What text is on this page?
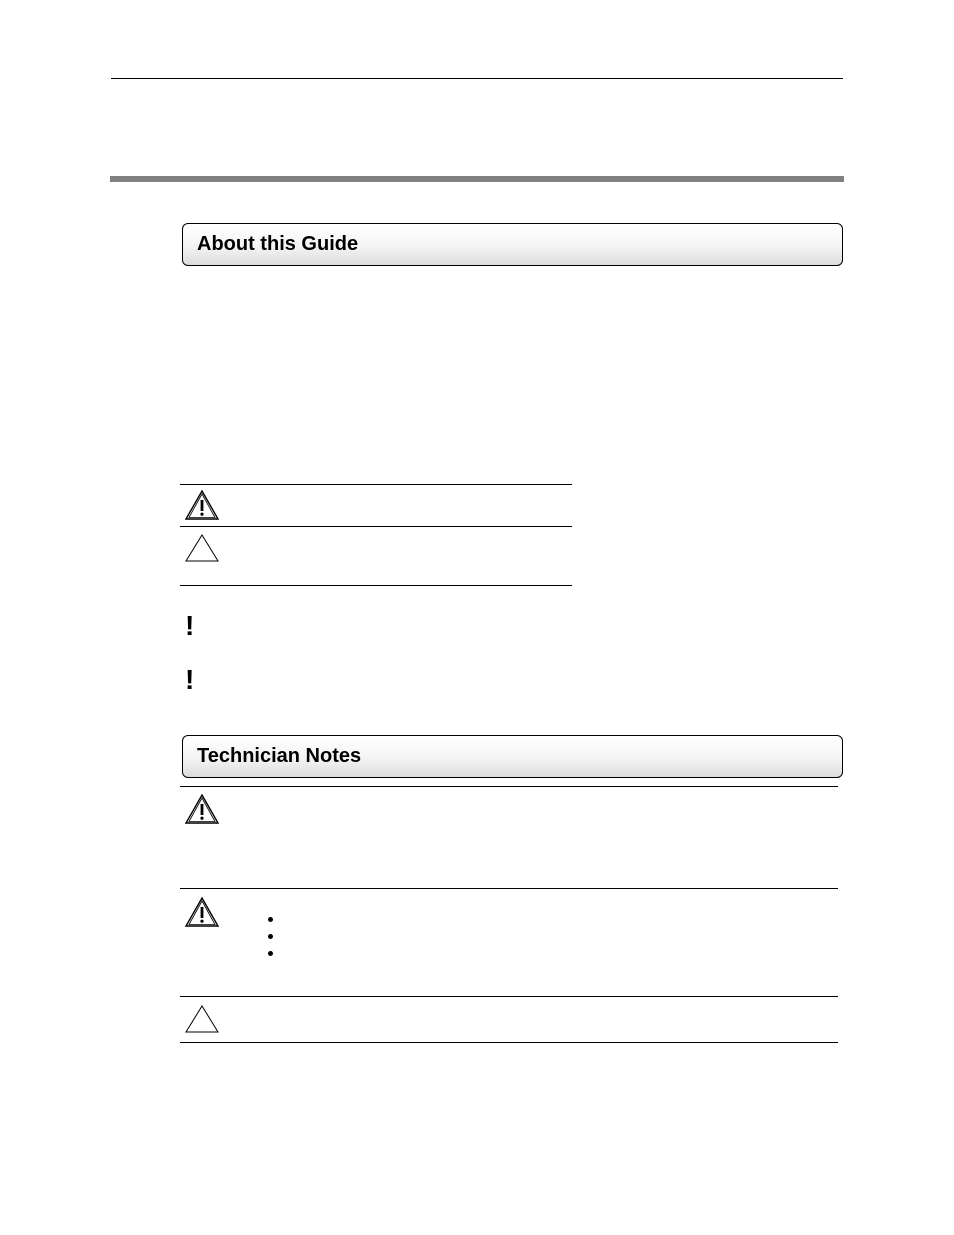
About this Guide
!
!
Technician Notes
